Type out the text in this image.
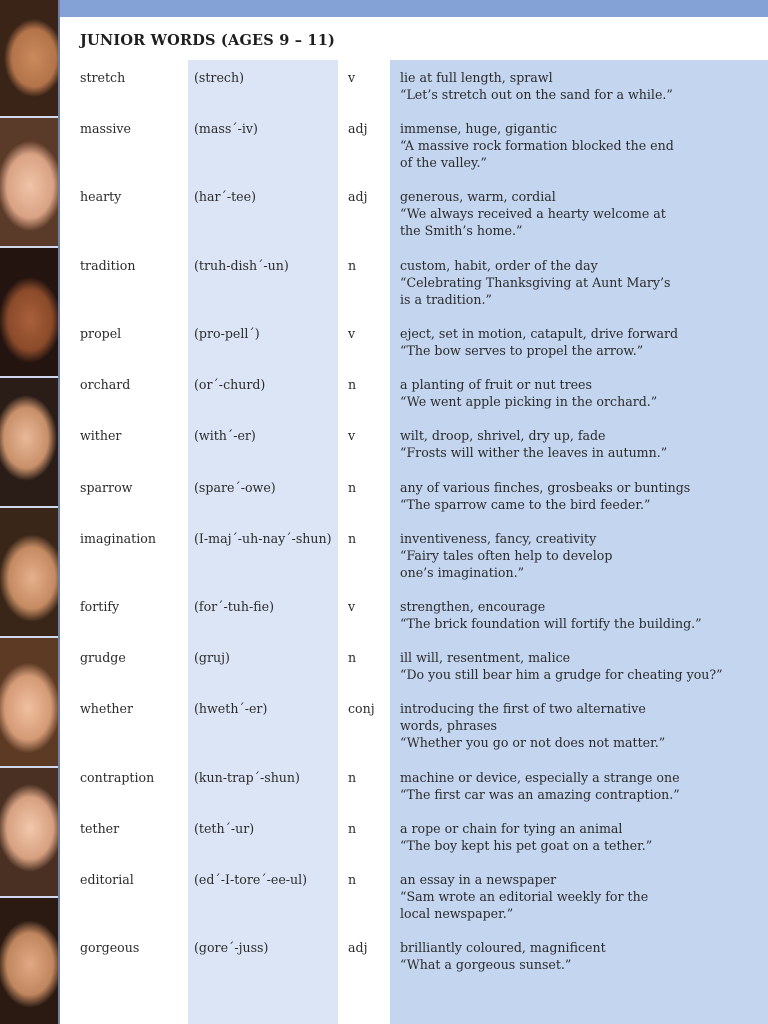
JUNIOR WORDS (AGES 9 – 11)
stretch	(strech)	v	lie at full length, sprawl
“Let’s stretch out on the sand for a while.”
massive	(mass´-iv)	adj	immense, huge, gigantic
“A massive rock formation blocked the end
of the valley.”
hearty	(har´-tee)	adj	generous, warm, cordial
“We always received a hearty welcome at
the Smith’s home.”
tradition	(truh-dish´-un)	n	custom, habit, order of the day
“Celebrating Thanksgiving at Aunt Mary’s
is a tradition.”
propel	(pro-pell´)	v	eject, set in motion, catapult, drive forward
“The bow serves to propel the arrow.”
orchard	(or´-churd)	n	a planting of fruit or nut trees
“We went apple picking in the orchard.”
wither	(with´-er)	v	wilt, droop, shrivel, dry up, fade
“Frosts will wither the leaves in autumn.”
sparrow	(spare´-owe)	n	any of various finches, grosbeaks or buntings
“The sparrow came to the bird feeder.”
imagination	(I-maj´-uh-nay´-shun) n	inventiveness, fancy, creativity
“Fairy tales often help to develop
one’s imagination.”
fortify	(for´-tuh-fie)	v	strengthen, encourage
“The brick foundation will fortify the building.”
grudge	(gruj)	n	ill will, resentment, malice
“Do you still bear him a grudge for cheating you?”
whether	(hweth´-er)	conj introducing the first of two alternative
words, phrases
“Whether you go or not does not matter.”
contraption	(kun-trap´-shun)	n	machine or device, especially a strange one
“The first car was an amazing contraption.”
tether	(teth´-ur)	n	a rope or chain for tying an animal
“The boy kept his pet goat on a tether.”
editorial	(ed´-I-tore´-ee-ul)	n	an essay in a newspaper
“Sam wrote an editorial weekly for the
local newspaper.”
gorgeous	(gore´-juss)	adj	brilliantly coloured, magnificent
“What a gorgeous sunset.”
